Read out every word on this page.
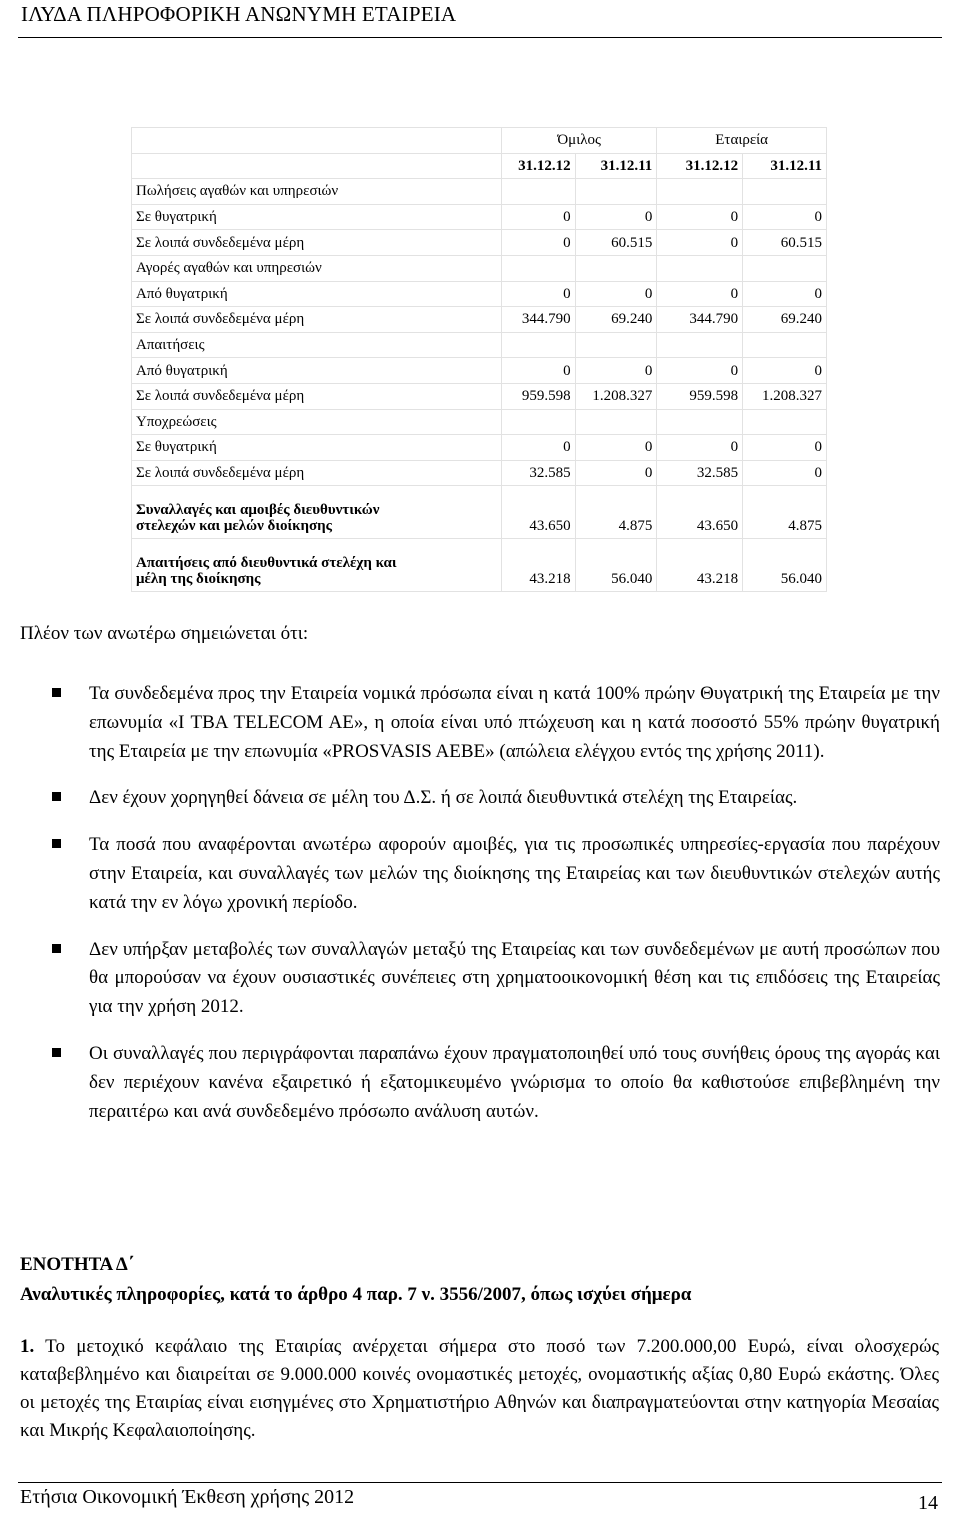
ΙΛΥΔΑ ΠΛΗΡΟΦΟΡΙΚΗ ΑΝΩΝΥΜΗ ΕΤΑΙΡΕΙΑ
	Όμιλος		Εταιρεία	
	31.12.12	31.12.11	31.12.12	31.12.11
Πωλήσεις αγαθών και υπηρεσιών				
Σε θυγατρική	0	0	0	0
Σε λοιπά συνδεδεμένα μέρη	0	60.515	0	60.515
Αγορές αγαθών και υπηρεσιών				
Από θυγατρική	0	0	0	0
Σε λοιπά συνδεδεμένα μέρη	344.790	69.240	344.790	69.240
Απαιτήσεις				
Από θυγατρική	0	0	0	0
Σε λοιπά συνδεδεμένα μέρη	959.598	1.208.327	959.598	1.208.327
Υποχρεώσεις				
Σε θυγατρική	0	0	0	0
Σε λοιπά συνδεδεμένα μέρη	32.585	0	32.585	0
Συναλλαγές και αμοιβές διευθυντικών
στελεχών και μελών διοίκησης	43.650	4.875	43.650	4.875
Απαιτήσεις από διευθυντικά στελέχη και
μέλη της διοίκησης	43.218	56.040	43.218	56.040
Πλέον των ανωτέρω σημειώνεται ότι:
Τα συνδεδεμένα προς την Εταιρεία νομικά πρόσωπα είναι η κατά 100% πρώην Θυγατρική της Εταιρεία με την επωνυμία «I TBA TELECOM AE», η οποία είναι υπό πτώχευση και η κατά ποσοστό 55% πρώην θυγατρική της Εταιρεία με την επωνυμία «PROSVASIS AEBE» (απώλεια ελέγχου εντός της χρήσης 2011).
Δεν έχουν χορηγηθεί δάνεια σε μέλη του Δ.Σ. ή σε λοιπά διευθυντικά στελέχη της Εταιρείας.
Τα ποσά που αναφέρονται ανωτέρω αφορούν αμοιβές, για τις προσωπικές υπηρεσίες-εργασία που παρέχουν στην Εταιρεία, και συναλλαγές των μελών της διοίκησης της Εταιρείας και των διευθυντικών στελεχών αυτής κατά την εν λόγω χρονική περίοδο.
Δεν υπήρξαν μεταβολές των συναλλαγών μεταξύ της Εταιρείας και των συνδεδεμένων με αυτή προσώπων που θα μπορούσαν να έχουν ουσιαστικές συνέπειες στη χρηματοοικονομική θέση και τις επιδόσεις της Εταιρείας για την χρήση 2012.
Οι συναλλαγές που περιγράφονται παραπάνω έχουν πραγματοποιηθεί υπό τους συνήθεις όρους της αγοράς και δεν περιέχουν κανένα εξαιρετικό ή εξατομικευμένο γνώρισμα το οποίο θα καθιστούσε επιβεβλημένη την περαιτέρω και ανά συνδεδεμένο πρόσωπο ανάλυση αυτών.
ΕΝΟΤΗΤΑ Δ΄
Αναλυτικές πληροφορίες, κατά το άρθρο 4 παρ. 7 ν. 3556/2007, όπως ισχύει σήμερα
1. Το μετοχικό κεφάλαιο της Εταιρίας ανέρχεται σήμερα στο ποσό των 7.200.000,00 Ευρώ, είναι ολοσχερώς καταβεβλημένο και διαιρείται σε 9.000.000 κοινές ονομαστικές μετοχές, ονομαστικής αξίας 0,80 Ευρώ εκάστης. Όλες οι μετοχές της Εταιρίας είναι εισηγμένες στο Χρηματιστήριο Αθηνών και διαπραγματεύονται στην κατηγορία Μεσαίας και Μικρής Κεφαλαιοποίησης.
Ετήσια Οικονομική Έκθεση χρήσης 2012	14
